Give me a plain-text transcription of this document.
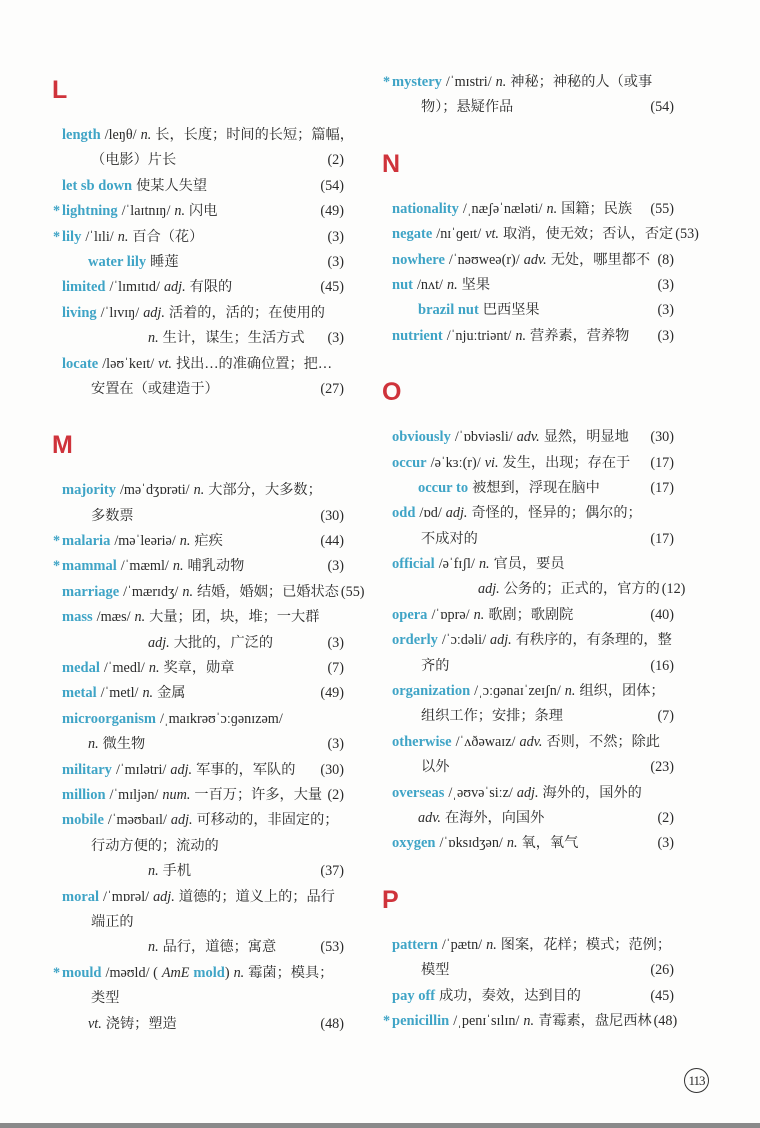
L
length /leŋθ/ n. 长，长度；时间的长短；篇幅，
（电影）片长	(2)
let sb down 使某人失望	(54)
* lightning /ˈlaɪtnɪŋ/ n. 闪电	(49)
* lily /ˈlɪli/ n. 百合（花）	(3)
water lily 睡莲	(3)
limited /ˈlɪmɪtɪd/ adj. 有限的	(45)
living /ˈlɪvɪŋ/ adj. 活着的，活的；在使用的
n. 生计，谋生；生活方式	(3)
locate /ləʊˈkeɪt/ vt. 找出…的准确位置；把…
安置在（或建造于）	(27)
M
majority /məˈdʒɒrəti/ n. 大部分，大多数；
多数票	(30)
* malaria /məˈleəriə/ n. 疟疾	(44)
* mammal /ˈmæml/ n. 哺乳动物	(3)
marriage /ˈmærɪdʒ/ n. 结婚，婚姻；已婚状态 (55)
mass /mæs/ n. 大量；团，块，堆；一大群
adj. 大批的，广泛的	(3)
medal /ˈmedl/ n. 奖章，勋章	(7)
metal /ˈmetl/ n. 金属	(49)
microorganism /ˌmaɪkrəʊˈɔːɡənɪzəm/
n. 微生物	(3)
military /ˈmɪlətri/ adj. 军事的，军队的	(30)
million /ˈmɪljən/ num. 一百万；许多，大量 (2)
mobile /ˈməʊbaɪl/ adj. 可移动的，非固定的；
行动方便的；流动的
n. 手机	(37)
moral /ˈmɒrəl/ adj. 道德的；道义上的；品行
端正的
n. 品行，道德；寓意	(53)
* mould /məʊld/ ( AmE mold) n. 霉菌；模具；
类型
vt. 浇铸；塑造	(48)
* mystery /ˈmɪstri/ n. 神秘；神秘的人（或事
物）；悬疑作品	(54)
N
nationality /ˌnæʃəˈnæləti/ n. 国籍；民族	(55)
negate /nɪˈɡeɪt/ vt. 取消，使无效；否认，否定 (53)
nowhere /ˈnəʊweə(r)/ adv. 无处，哪里都不 (8)
nut /nʌt/ n. 坚果	(3)
brazil nut 巴西坚果	(3)
nutrient /ˈnjuːtriənt/ n. 营养素，营养物	(3)
O
obviously /ˈɒbviəsli/ adv. 显然，明显地	(30)
occur /əˈkɜː(r)/ vi. 发生，出现；存在于	(17)
occur to 被想到，浮现在脑中	(17)
odd /ɒd/ adj. 奇怪的，怪异的；偶尔的；
不成对的	(17)
official /əˈfɪʃl/ n. 官员，要员
adj. 公务的；正式的，官方的 (12)
opera /ˈɒprə/ n. 歌剧；歌剧院	(40)
orderly /ˈɔːdəli/ adj. 有秩序的，有条理的，整
齐的	(16)
organization /ˌɔːɡənaɪˈzeɪʃn/ n. 组织，团体；
组织工作；安排；条理	(7)
otherwise /ˈʌðəwaɪz/ adv. 否则，不然；除此
以外	(23)
overseas /ˌəʊvəˈsiːz/ adj. 海外的，国外的
adv. 在海外，向国外	(2)
oxygen /ˈɒksɪdʒən/ n. 氧，氧气	(3)
P
pattern /ˈpætn/ n. 图案，花样；模式；范例；
模型	(26)
pay off 成功，奏效，达到目的	(45)
* penicillin /ˌpenɪˈsɪlɪn/ n. 青霉素，盘尼西林 (48)
113
